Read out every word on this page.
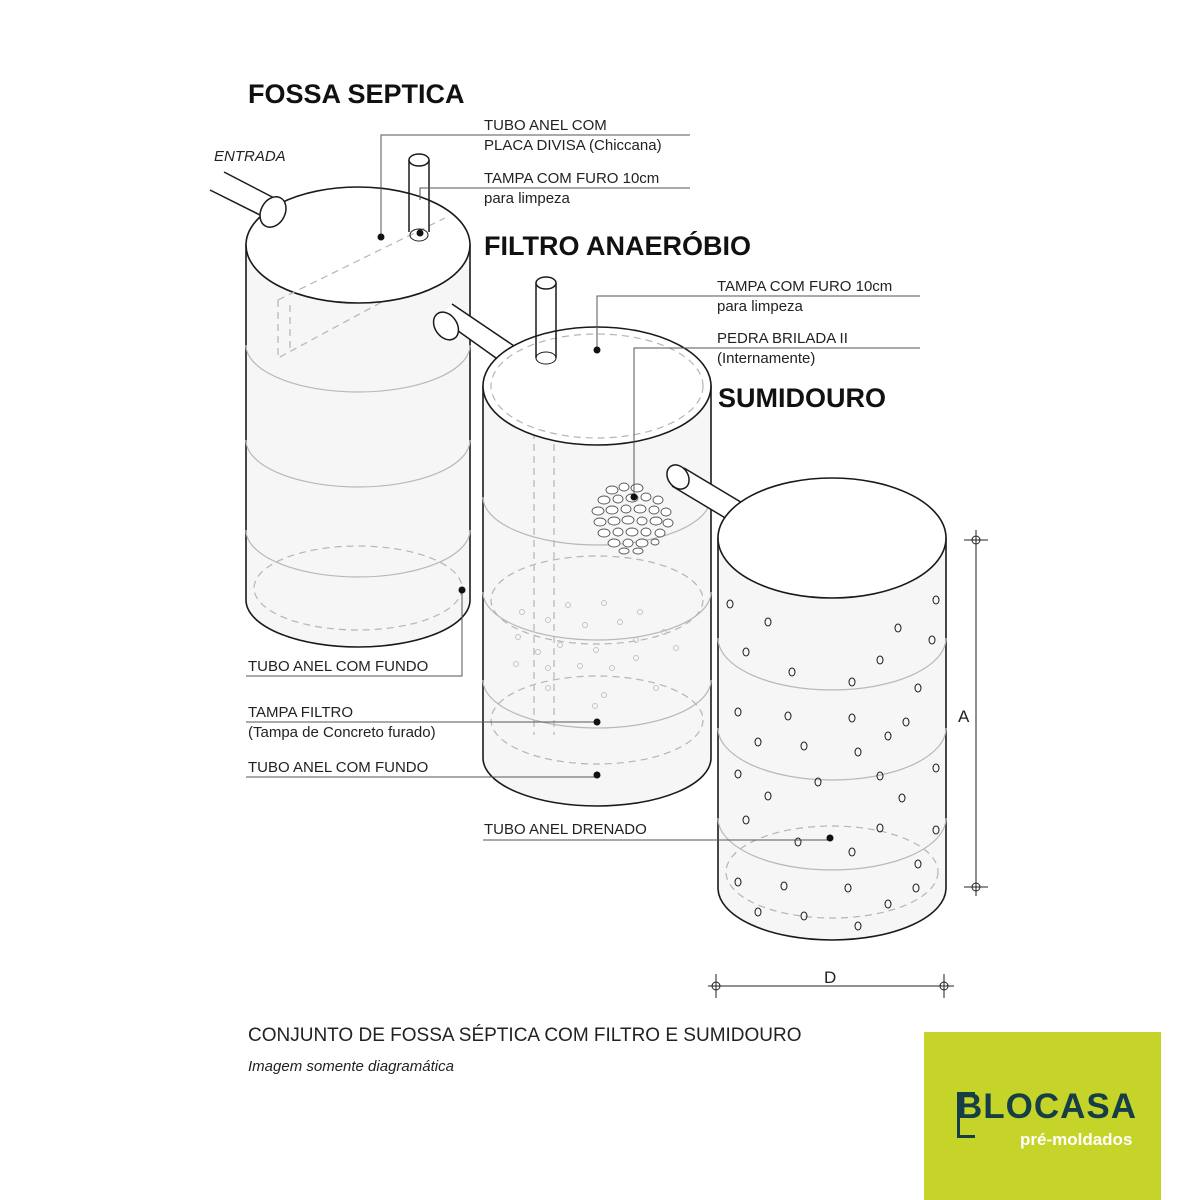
FOSSA SEPTICA
FILTRO ANAERÓBIO
SUMIDOURO
ENTRADA
TUBO ANEL COM
PLACA DIVISA (Chiccana)
TAMPA COM FURO 10cm
para limpeza
TAMPA COM FURO 10cm
para limpeza
PEDRA BRILADA II
(Internamente)
TUBO ANEL COM FUNDO
TAMPA FILTRO
(Tampa de Concreto furado)
TUBO ANEL COM FUNDO
TUBO ANEL DRENADO
A
D
CONJUNTO DE FOSSA SÉPTICA COM FILTRO E SUMIDOURO
Imagem somente diagramática
BLOCASA
pré-moldados
